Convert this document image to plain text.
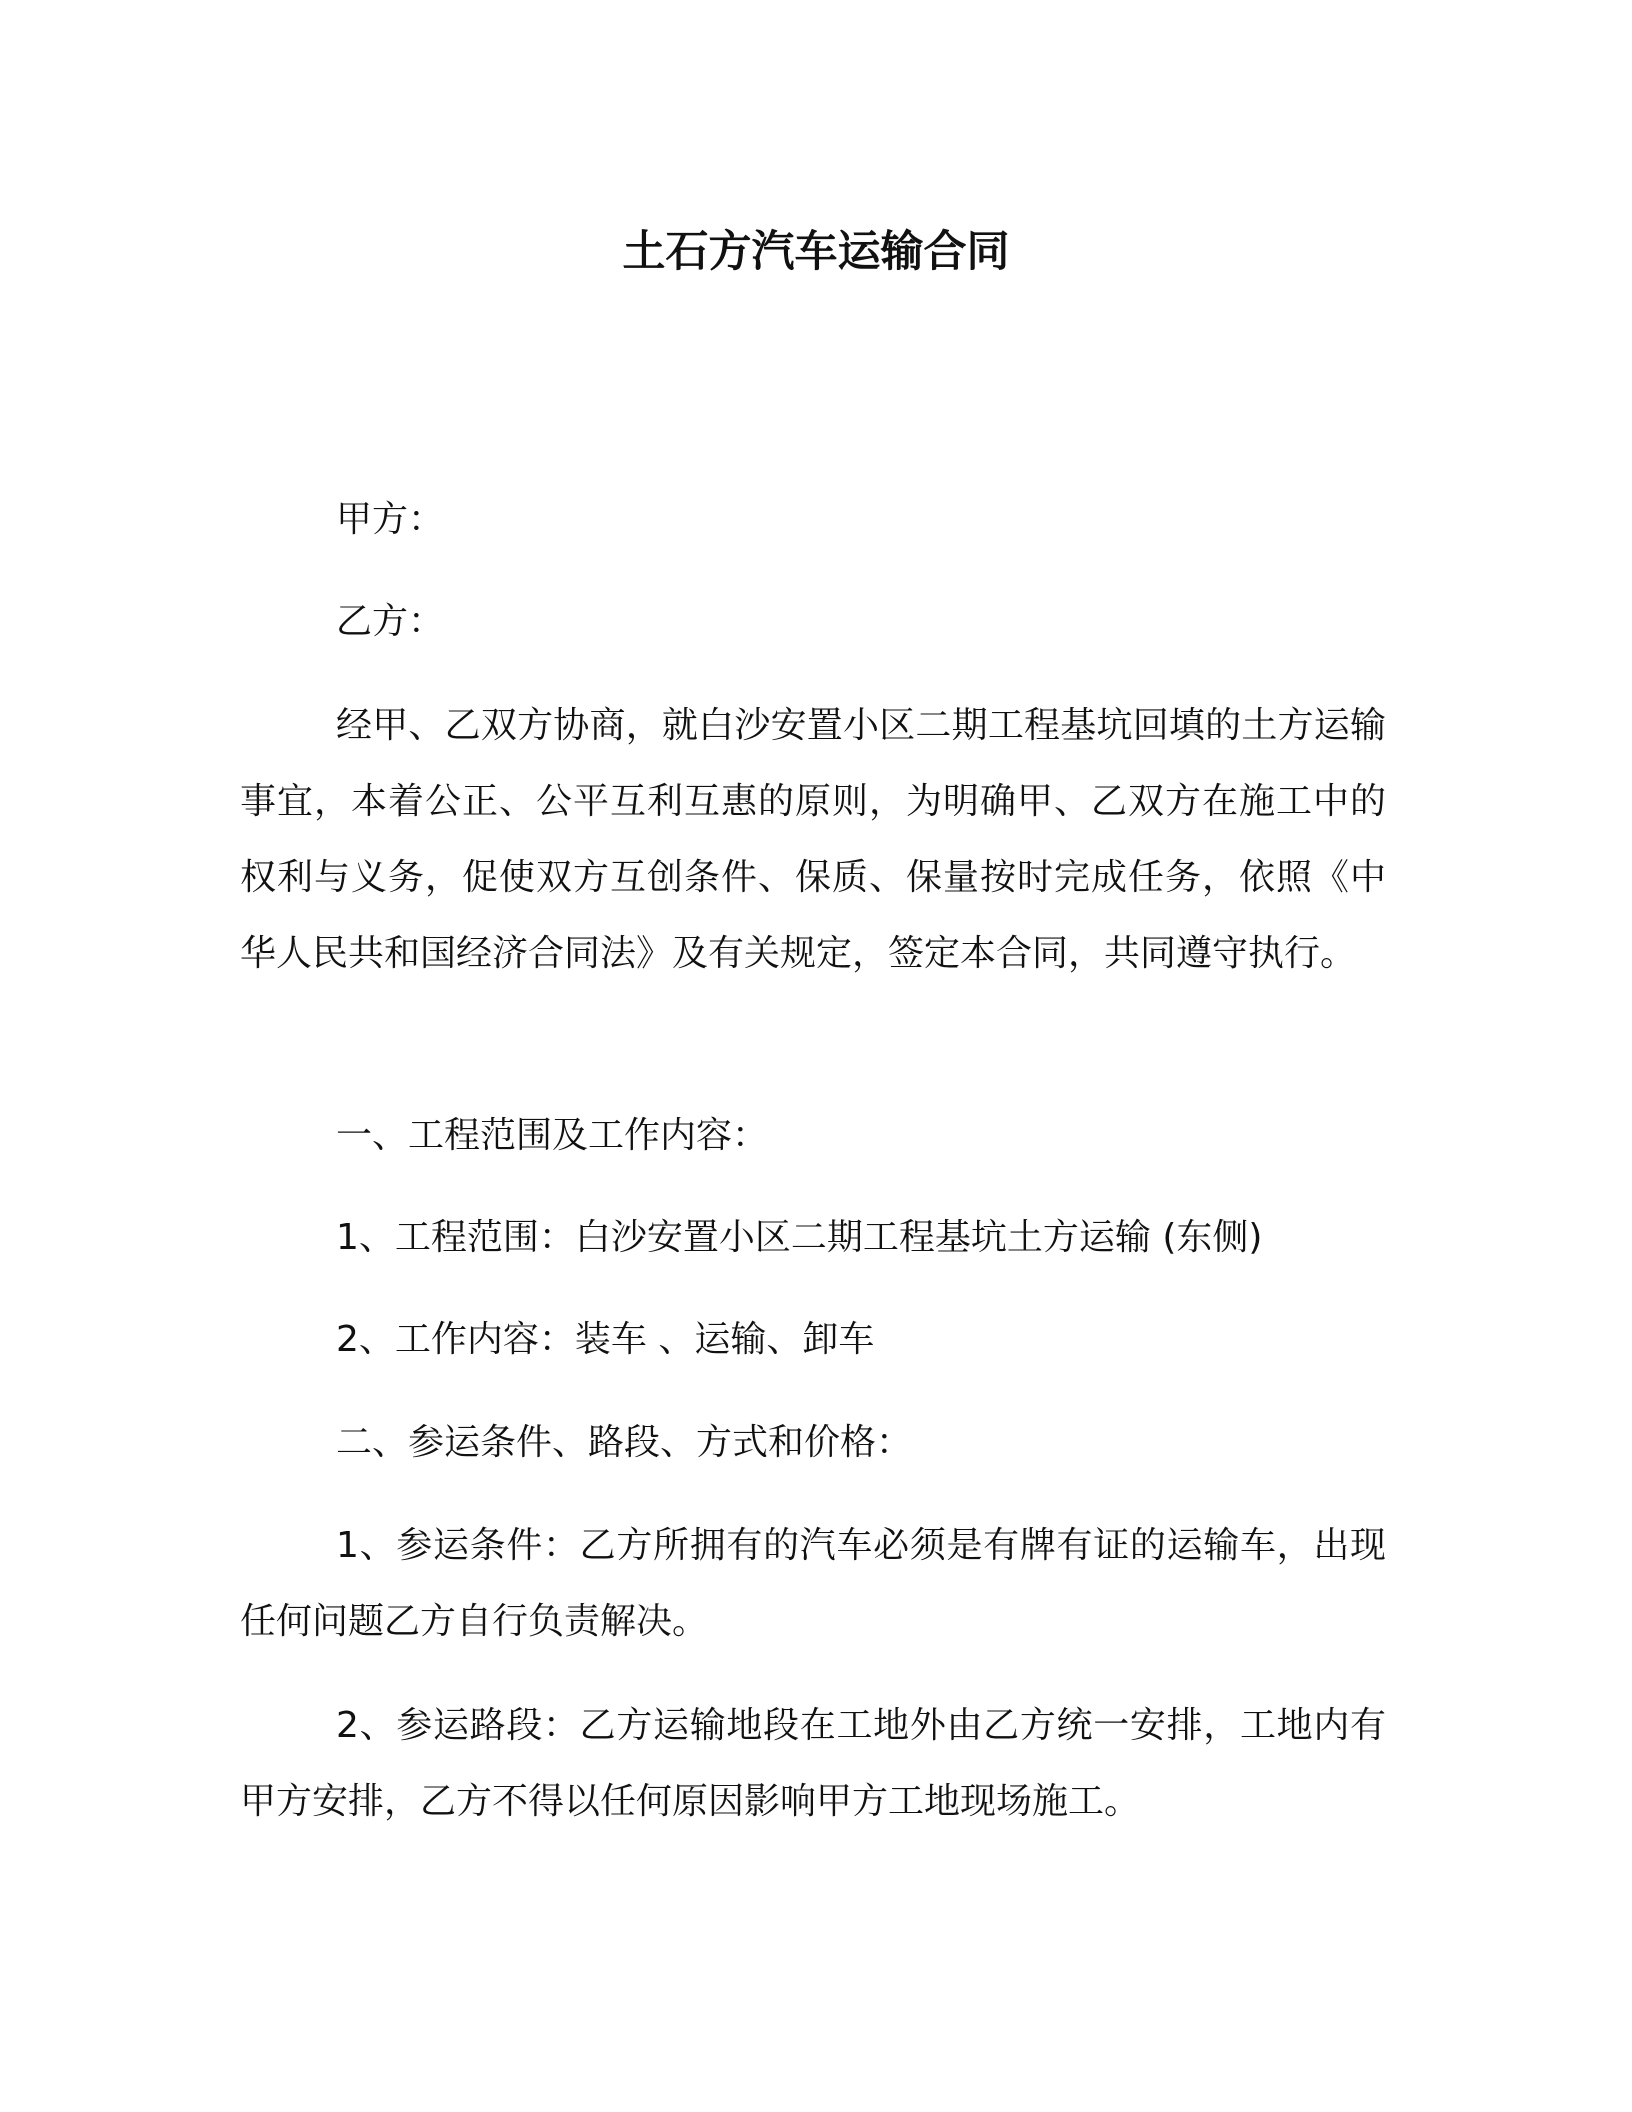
土石方汽车运输合同
甲方：
乙方：
经甲、乙双方协商，就白沙安置小区二期工程基坑回填的土方运输事宜，本着公正、公平互利互惠的原则，为明确甲、乙双方在施工中的权利与义务，促使双方互创条件、保质、保量按时完成任务，依照《中华人民共和国经济合同法》及有关规定，签定本合同，共同遵守执行。
一、工程范围及工作内容：
1、工程范围：白沙安置小区二期工程基坑土方运输 (东侧)
2、工作内容：装车 、运输、卸车
二、参运条件、路段、方式和价格：
1、参运条件：乙方所拥有的汽车必须是有牌有证的运输车，出现任何问题乙方自行负责解决。
2、参运路段：乙方运输地段在工地外由乙方统一安排，工地内有甲方安排，乙方不得以任何原因影响甲方工地现场施工。
